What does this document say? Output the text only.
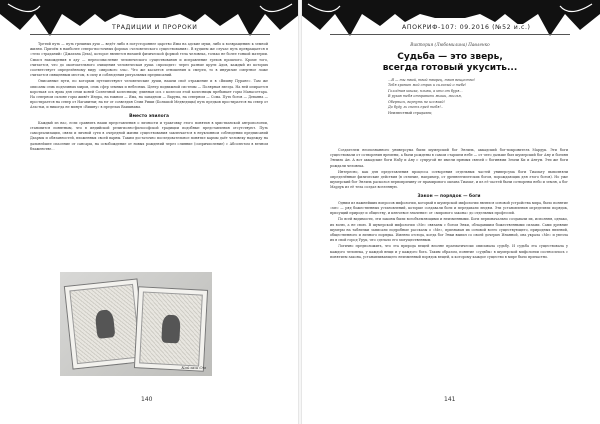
ТРАДИЦИИ И ПРОРОКИ

Третий путь — путь грешных душ — ведёт либо в потустороннее царство Ямы на адские муки, либо к возвращению к земной жизни. Причём в наиболее северо-восточных формах «человеческого существования». В худшем же случае путь превращается в «тело страданий» (Джатана Деха), которое является низшей физической формой тела человека, только не более тонкой материи. Смысл нахождения в аду — переосмысление человеческого существования и исправление грехов прошлого. Кроме того, считается, что до окончательного очищения человеческая душа «проходит» через разные круги Адов, каждый из которых соответствует определённому виду «мирового зла». Что же касается отношения к смерти, то в индуизме смертное ложе считается священным местом, в силу и соблюдения ритуальных предписаний.

Описанные пути, по которым путешествуют человеческие души, нашли своё отражение и в «Вишну Пуране». Там же описаны семь подземных миров, семь сфер земных и небесных. Центр подвижной системы — Полярная звезда. На ней опирается короткая ось ярма для семи коней Солнечной колесницы; длинная ось с колесом этой колесницы пребывает горы Манасоттара. На северном склоне горы живёт Индра, на южном — Яма, на западном — Варуна, на северном — Сома. Путь богов — Деваяна — простирается на север от Нагавитхи; на юг от созвездия Семи Риши (Большой Медведицы) путь предков простирается на север от Агастьи, и никогда не минуя «Вишну» в пределах Ваишнавы.

Вместо эпилога

Каждый из нас, если сравнить наши представления о личности и трактовку этого понятия в христианской антропологии, становится понятным, что в индийской религиозно-философской традиции подобные представления отсутствуют. Путь самореализации, связи и личной сути в очередной жизни существования заключается в неуклонном соблюдении предписаний Дхармы и обязанностей, вложенных своей варны. Таким достаточно последовательное понятие кармы даёт человеку надежду на дальнейшее спасение от сансары, на освобождение от новых рождений через слияние (сопричисление) с Абсолютом в вечном блаженстве...

Кайлаш Ом
140
АПОКРИФ-107: 09.2016 (№52 и.с.)
Виктория (Любомилина) Павленко
Судьба — это зверь,
всегда готовый укусить...
...Я — ты твой, твой творец, твоя вещество!
Тебя хранит мой страх и сильный о тебе!
Голодная кошка, плыви, а кто от буря...
В рукав тебя отправить мыши, жилья,
Обернись, вернуть не иссякай!
До буду ль спеть пред тебя!..
Неизвестный страдалец

Создателем неопознанного универсума были шумерский бог Энлиль, аккадский бог-покровитель Мардук. Эти боги существовали от сотворения времени, а были рождены в самом старшем небе — от чего дальше был шумерский бог Ану и богиня Энлиль Ан. А вот аккадские боги Набу и Ану с супругой не имели прямых связей с богинями Земли Ки и Антум. Эти же боги рождали человека.

Интересно, как для представления процесса сотворения отдельных частей универсума боги Тиамату выполняли определённые физические действия (в отличие, например, от древнеегипетских богов, порождающих для этого богов). Но уже шумерский бог Энлиль расколол первопричину от прамирового океана Тиамат, и из её частей были сотворены небо и земля, а бог Мардук из её тела создал вселенную.

Закон — порядок — боги

Одним из важнейших вопросов мифологии, который в шумерской мифологии являлся основой устройства мира, было понятие «ме» — ряд божественных установлений, которые создавали боги и передавали людям. Эти установления определяли порядок, присущий природе и обществу, и ключевое значение: от «мирового закона» до отдельных профессий.

По всей видимости, эти законы были всеобъемлющими и неизменными. Боги первоначально создавали их, исполняя, однако, их волю, а не свою. В шумерской мифологии «Ме» связаны с богом Энки, обладавшим божественными силами. Сами древние шумеры на таблички записали подробные рассказы о «Ме», признавая их основой всего существующего, природных явлений, общественного и личного порядка. Именно отсюда, когда бог Энки выпил со своей дочерью Инанной, она украла «Ме» и увезла их в свой город Урук, что сделало его могущественным.

Логично предположить, что эта природа вещей вполне прагматически описывала судьбу. И судьба эта существовала у каждого человека, у каждой вещи и у каждого бога. Таким образом, понятие «судьбы» в шумерской мифологии соотносилось с понятием закона, устанавливающего неизменный порядок вещей, к которому каждое существо в мире было причастно.

141
